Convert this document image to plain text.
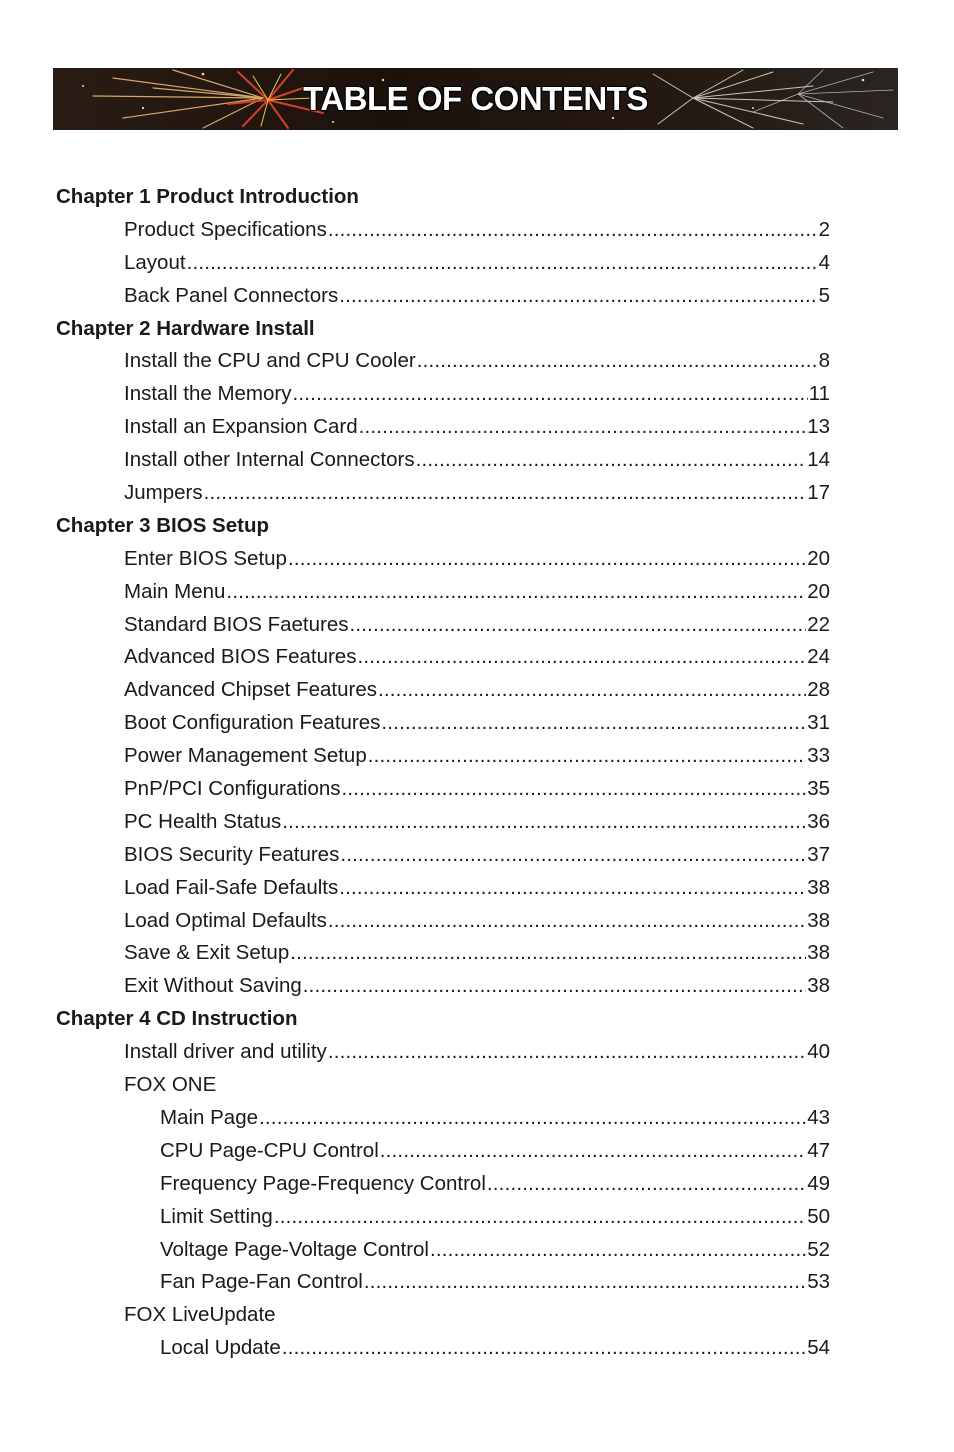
TABLE OF CONTENTS
Chapter 1 Product Introduction
Product Specifications .....	2
Layout .....	4
Back Panel Connectors .....	5
Chapter 2 Hardware Install
Install the CPU and CPU Cooler .....	8
Install the Memory .....	11
Install an Expansion Card .....	13
Install other Internal Connectors .....	14
Jumpers .....	17
Chapter 3 BIOS Setup
Enter BIOS Setup .....	20
Main Menu .....	20
Standard BIOS Faetures .....	22
Advanced BIOS Features .....	24
Advanced Chipset Features .....	28
Boot Configuration Features .....	31
Power Management Setup .....	33
PnP/PCI Configurations .....	35
PC Health Status .....	36
BIOS Security Features .....	37
Load Fail-Safe Defaults .....	38
Load Optimal Defaults .....	38
Save & Exit Setup .....	38
Exit Without Saving .....	38
Chapter 4 CD Instruction
Install driver and utility .....	40
FOX ONE
Main Page .....	43
CPU Page-CPU Control .....	47
Frequency Page-Frequency Control .....	49
Limit Setting .....	50
Voltage Page-Voltage Control .....	52
Fan Page-Fan Control .....	53
FOX LiveUpdate
Local Update .....	54
